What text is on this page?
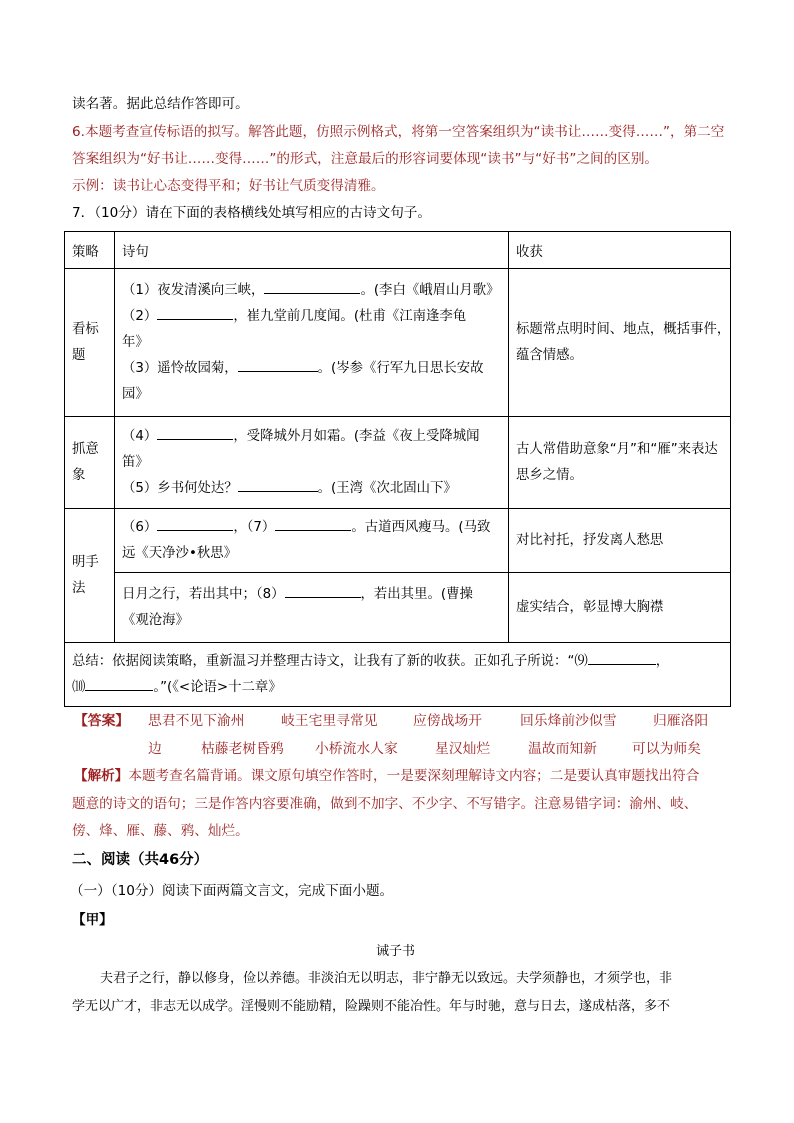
读名著。据此总结作答即可。
6.本题考查宣传标语的拟写。解答此题，仿照示例格式，将第一空答案组织为“读书让……变得……”，第二空
答案组织为“好书让……变得……”的形式，注意最后的形容词要体现“读书”与“好书”之间的区别。
示例：读书让心态变得平和；好书让气质变得清雅。
7．（10分）请在下面的表格横线处填写相应的古诗文句子。
策略	诗句	收获

看标
题	（1）夜发清溪向三峡， 。(李白《峨眉山月歌》
（2） ，崔九堂前几度闻。(杜甫《江南逢李龟
年》
（3）遥怜故园菊， 。(岑参《行军九日思长安故
园》	标题常点明时间、地点，概括事件，
蕴含情感。

抓意
象	（4） ，受降城外月如霜。(李益《夜上受降城闻
笛》
（5）乡书何处达？ 。(王湾《次北固山下》	古人常借助意象“月”和“雁”来表达
思乡之情。

明手
法	（6） ，（7） 。古道西风瘦马。(马致
远《天净沙•秋思》	对比衬托，抒发离人愁思

	日月之行，若出其中；（8） ，若出其里。(曹操
《观沧海》	虚实结合，彰显博大胸襟

总结：依据阅读策略，重新温习并整理古诗文，让我有了新的收获。正如孔子所说：“⑼ ，
⑽ 。”(《<论语>十二章》		
【答案】 思君不见下渝州	岐王宅里寻常见	应傍战场开	回乐烽前沙似雪	归雁洛阳
边	枯藤老树昏鸦 小桥流水人家	星汉灿烂	温故而知新	可以为师矣
【解析】本题考查名篇背诵。课文原句填空作答时，一是要深刻理解诗文内容；二是要认真审题找出符合
题意的诗文的语句；三是作答内容要准确，做到不加字、不少字、不写错字。注意易错字词：渝州、岐、
傍、烽、雁、藤、鸦、灿烂。
二、阅读（共46分）
（一）（10分）阅读下面两篇文言文，完成下面小题。
【甲】
诫子书
夫君子之行，静以修身，俭以养德。非淡泊无以明志，非宁静无以致远。夫学须静也，才须学也，非
学无以广才，非志无以成学。淫慢则不能励精，险躁则不能冶性。年与时驰，意与日去，遂成枯落，多不
